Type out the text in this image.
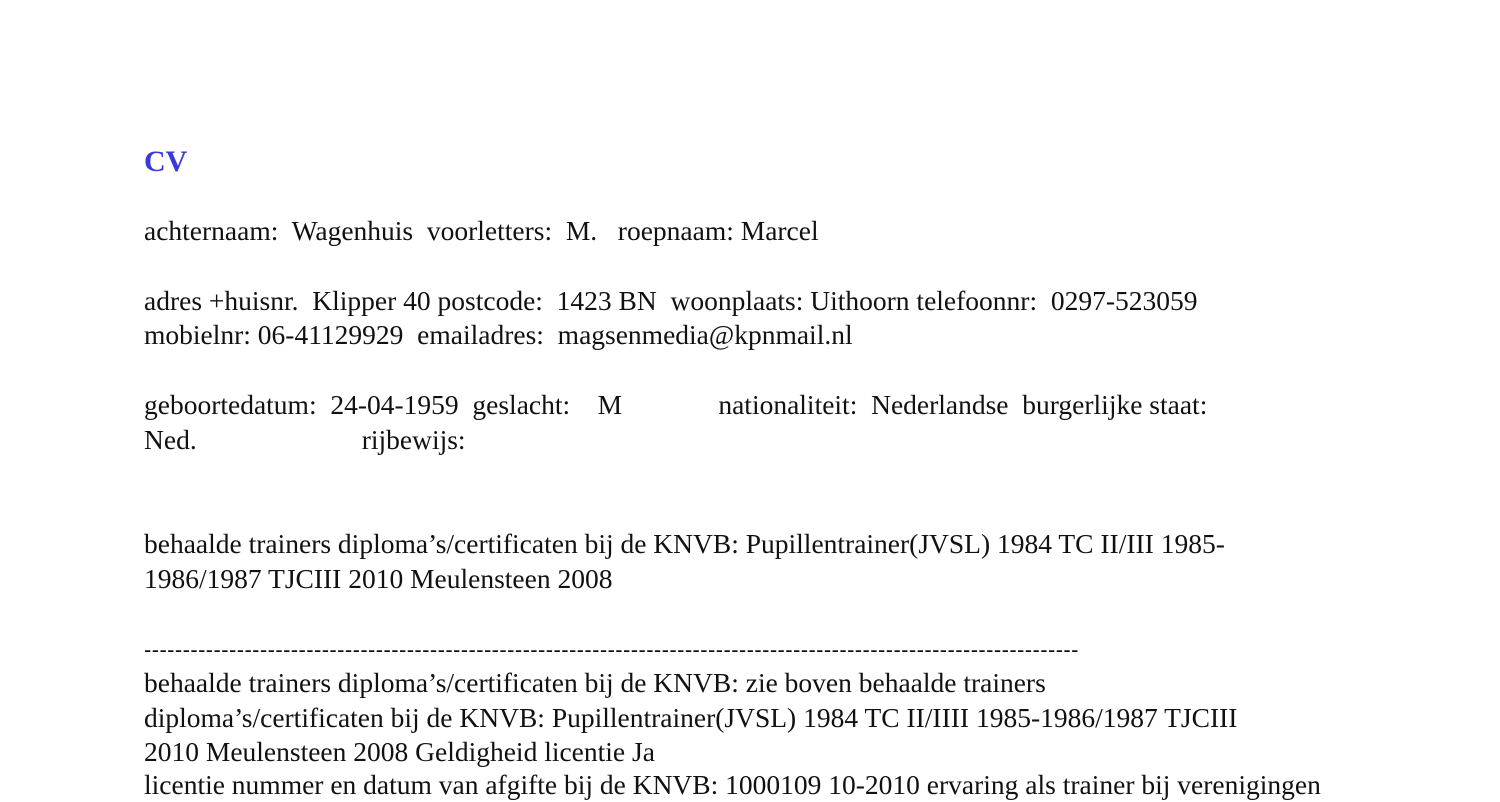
CV
achternaam:  Wagenhuis  voorletters:  M.   roepnaam: Marcel
adres +huisnr.  Klipper 40 postcode:  1423 BN  woonplaats: Uithoorn telefoonnr:  0297-523059
mobielnr: 06-41129929  emailadres:  magsenmedia@kpnmail.nl
geboortedatum:  24-04-1959  geslacht:    M              nationaliteit:  Nederlandse  burgerlijke staat:
Ned.                        rijbewijs:
behaalde trainers diploma’s/certificaten bij de KNVB: Pupillentrainer(JVSL) 1984 TC II/III 1985-
1986/1987 TJCIII 2010 Meulensteen 2008
-------------------------------------------------------------------------------------------------------------------------
behaalde trainers diploma’s/certificaten bij de KNVB: zie boven behaalde trainers
diploma’s/certificaten bij de KNVB: Pupillentrainer(JVSL) 1984 TC II/IIII 1985-1986/1987 TJCIII
2010 Meulensteen 2008 Geldigheid licentie Ja
licentie nummer en datum van afgifte bij de KNVB: 1000109 10-2010 ervaring als trainer bij verenigingen
